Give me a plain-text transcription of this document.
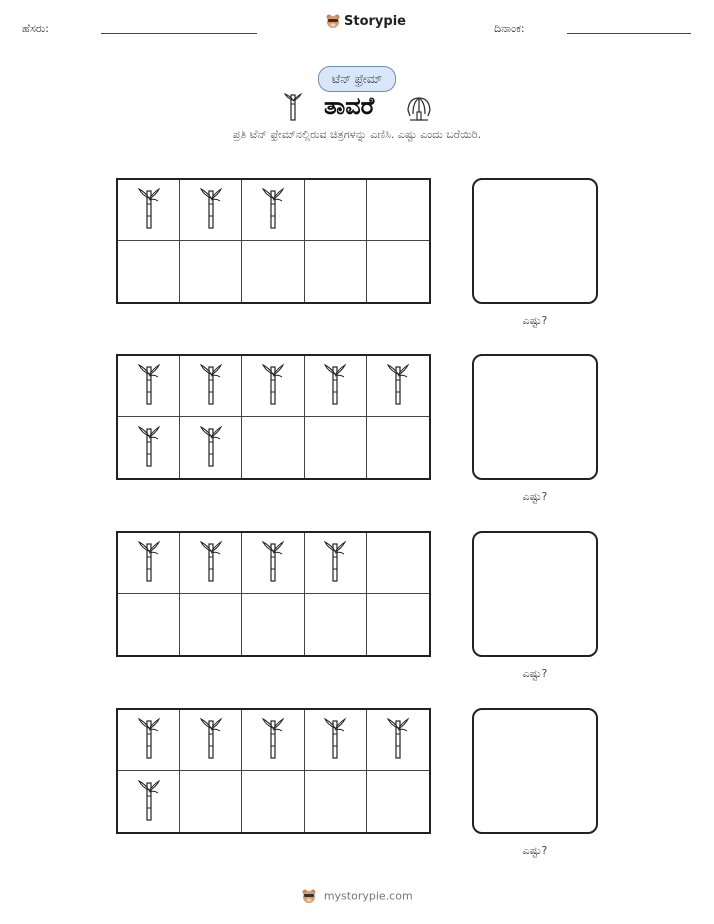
ಹೆಸರು:	Storypie	ದಿನಾಂಕ:
ಟೆನ್ ಫ್ರೇಮ್
ತಾವರೆ
ಪ್ರತಿ ಟೆನ್ ಫ್ರೇಮ್‌ನಲ್ಲಿರುವ ಚಿತ್ರಗಳನ್ನು ಎಣಿಸಿ. ಎಷ್ಟು ಎಂದು ಬರೆಯಿರಿ.
ಎಷ್ಟು?
ಎಷ್ಟು?
ಎಷ್ಟು?
ಎಷ್ಟು?
mystorypie.com
